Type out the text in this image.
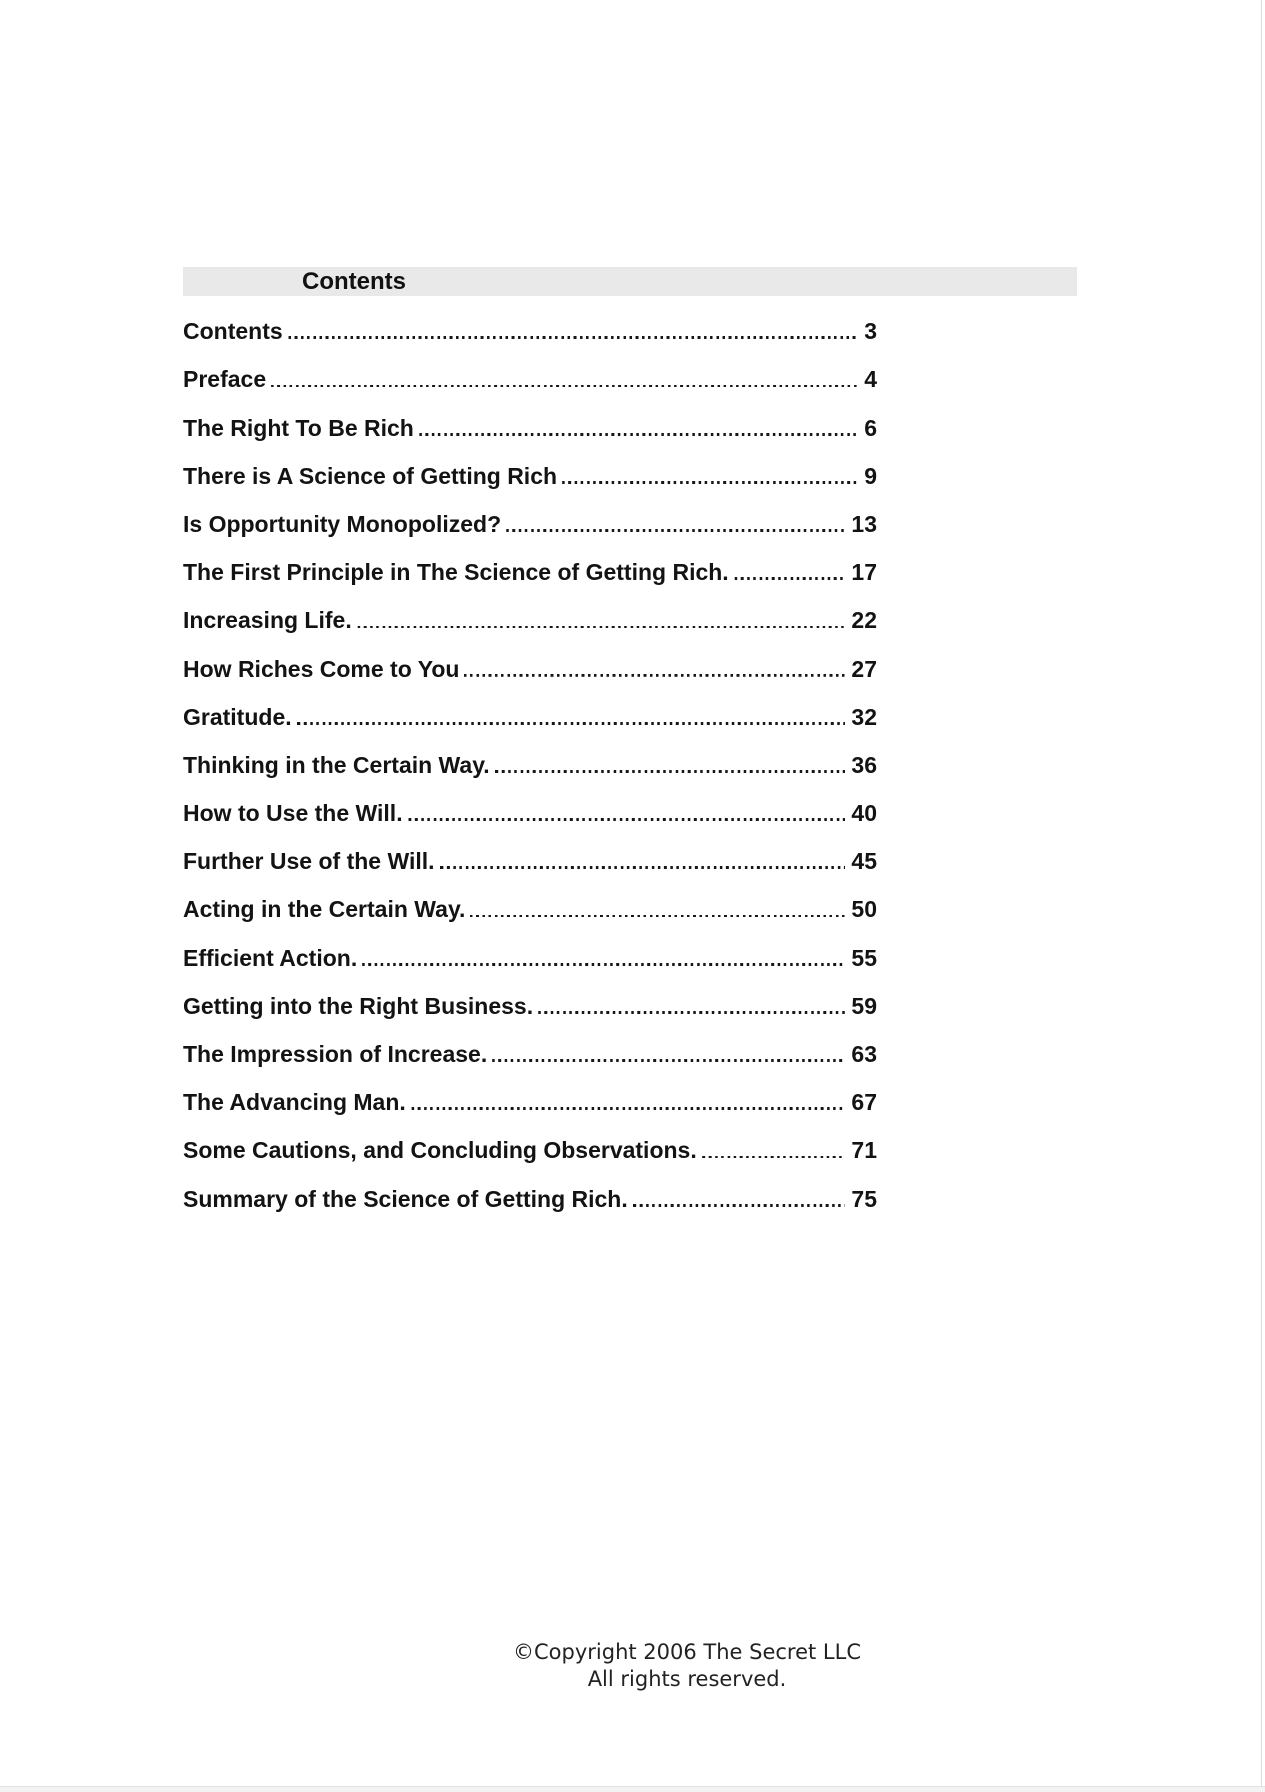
Contents
Contents	3
Preface	4
The Right To Be Rich	6
There is A Science of Getting Rich	9
Is Opportunity Monopolized?	13
The First Principle in The Science of Getting Rich.	17
Increasing Life.	22
How Riches Come to You	27
Gratitude.	32
Thinking in the Certain Way.	36
How to Use the Will.	40
Further Use of the Will.	45
Acting in the Certain Way.	50
Efficient Action.	55
Getting into the Right Business.	59
The Impression of Increase.	63
The Advancing Man.	67
Some Cautions, and Concluding Observations.	71
Summary of the Science of Getting Rich.	75
©Copyright 2006 The Secret LLC
All rights reserved.
